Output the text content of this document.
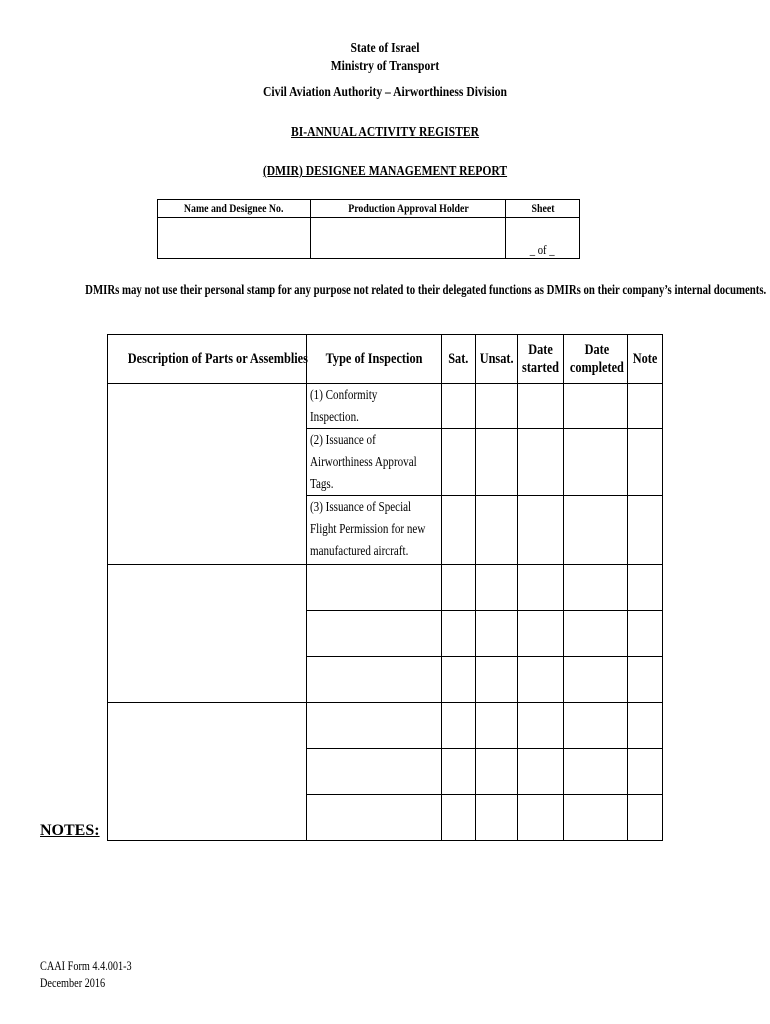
State of Israel
Ministry of Transport
Civil Aviation Authority – Airworthiness Division
BI-ANNUAL ACTIVITY REGISTER
(DMIR) DESIGNEE MANAGEMENT REPORT
Name and Designee No.	Production Approval Holder	Sheet
		_ of _
DMIRs may not use their personal stamp for any purpose not related to their delegated functions as DMIRs on their company’s internal documents.
Description of Parts or Assemblies	Type of Inspection	Sat.	Unsat.	Date started	Date completed	Note
	(1) Conformity Inspection.					
	(2) Issuance of Airworthiness Approval Tags.					
	(3) Issuance of Special Flight Permission for new manufactured aircraft.					

NOTES:
CAAI Form 4.4.001-3
December 2016
